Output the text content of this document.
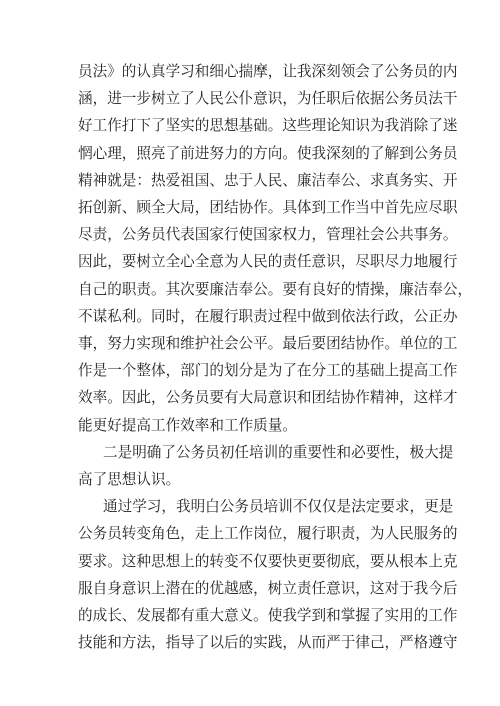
员法》的认真学习和细心揣摩，让我深刻领会了公务员的内
涵，进一步树立了人民公仆意识，为任职后依据公务员法干
好工作打下了坚实的思想基础。这些理论知识为我消除了迷
惘心理，照亮了前进努力的方向。使我深刻的了解到公务员
精神就是：热爱祖国、忠于人民、廉洁奉公、求真务实、开
拓创新、顾全大局，团结协作。具体到工作当中首先应尽职
尽责，公务员代表国家行使国家权力，管理社会公共事务。
因此，要树立全心全意为人民的责任意识，尽职尽力地履行
自己的职责。其次要廉洁奉公。要有良好的情操，廉洁奉公，
不谋私利。同时，在履行职责过程中做到依法行政，公正办
事，努力实现和维护社会公平。最后要团结协作。单位的工
作是一个整体，部门的划分是为了在分工的基础上提高工作
效率。因此，公务员要有大局意识和团结协作精神，这样才
能更好提高工作效率和工作质量。
二是明确了公务员初任培训的重要性和必要性，极大提
高了思想认识。
通过学习，我明白公务员培训不仅仅是法定要求，更是
公务员转变角色，走上工作岗位，履行职责，为人民服务的
要求。这种思想上的转变不仅要快更要彻底，要从根本上克
服自身意识上潜在的优越感，树立责任意识，这对于我今后
的成长、发展都有重大意义。使我学到和掌握了实用的工作
技能和方法，指导了以后的实践，从而严于律己，严格遵守
